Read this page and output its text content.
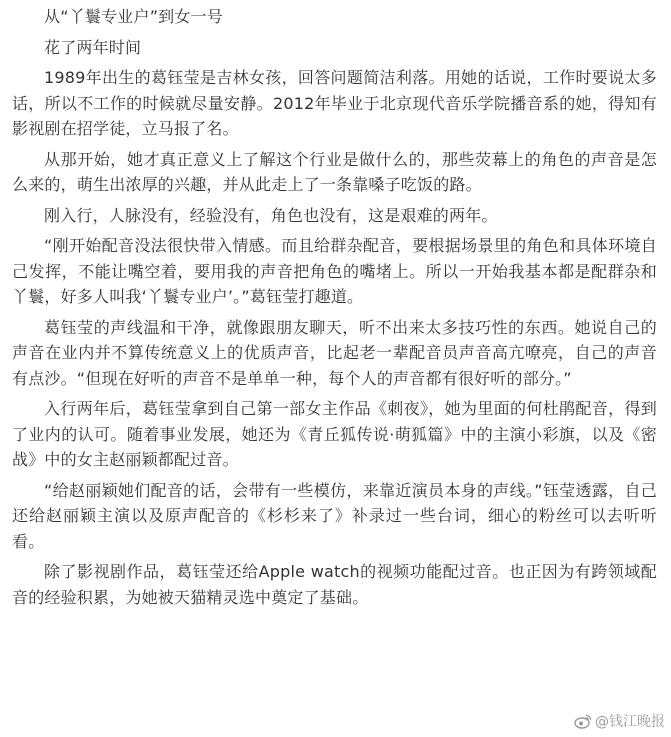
从“丫鬟专业户”到女一号

花了两年时间

1989年出生的葛钰莹是吉林女孩，回答问题简洁利落。用她的话说，工作时要说太多话，所以不工作的时候就尽量安静。2012年毕业于北京现代音乐学院播音系的她，得知有影视剧在招学徒，立马报了名。

从那开始，她才真正意义上了解这个行业是做什么的，那些荧幕上的角色的声音是怎么来的，萌生出浓厚的兴趣，并从此走上了一条靠嗓子吃饭的路。

刚入行，人脉没有，经验没有，角色也没有，这是艰难的两年。

“刚开始配音没法很快带入情感。而且给群杂配音，要根据场景里的角色和具体环境自己发挥，不能让嘴空着，要用我的声音把角色的嘴堵上。所以一开始我基本都是配群杂和丫鬟，好多人叫我‘丫鬟专业户’。”葛钰莹打趣道。

葛钰莹的声线温和干净，就像跟朋友聊天，听不出来太多技巧性的东西。她说自己的声音在业内并不算传统意义上的优质声音，比起老一辈配音员声音高亢嘹亮，自己的声音有点沙。“但现在好听的声音不是单单一种，每个人的声音都有很好听的部分。”

入行两年后，葛钰莹拿到自己第一部女主作品《刺夜》，她为里面的何杜鹃配音，得到了业内的认可。随着事业发展，她还为《青丘狐传说·萌狐篇》中的主演小彩旗，以及《密战》中的女主赵丽颖都配过音。

“给赵丽颖她们配音的话，会带有一些模仿，来靠近演员本身的声线。”钰莹透露，自己还给赵丽颖主演以及原声配音的《杉杉来了》补录过一些台词，细心的粉丝可以去听听看。

除了影视剧作品，葛钰莹还给Apple watch的视频功能配过音。也正因为有跨领域配音的经验积累，为她被天猫精灵选中奠定了基础。

@钱江晚报
